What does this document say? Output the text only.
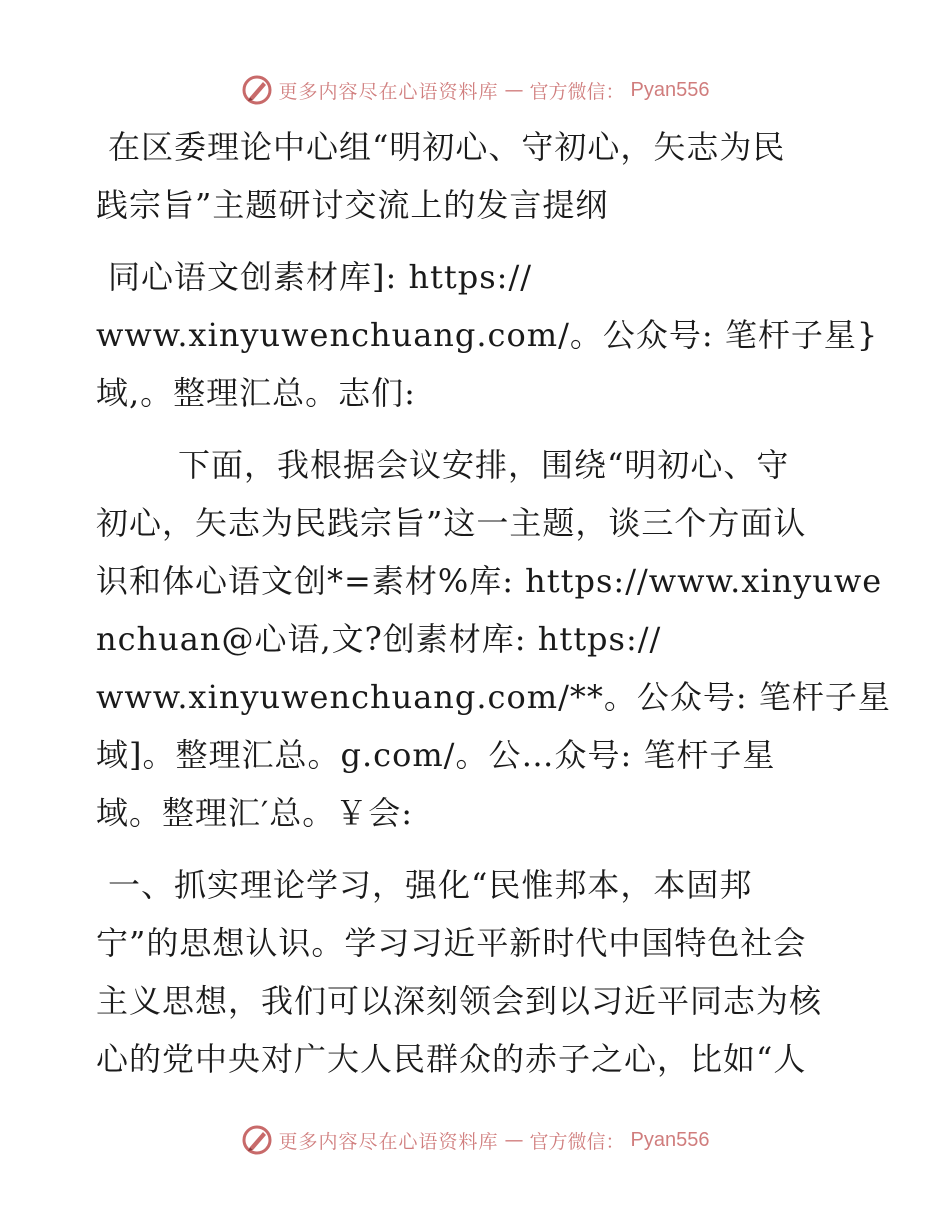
更多内容尽在心语资料库 — 官方微信： Pyan556
在区委理论中心组“明初心、守初心，矢志为民
践宗旨”主题研讨交流上的发言提纲
同心语文创素材库]: https://
www.xinyuwenchuang.com/。公众号: 笔杆子星}
域,。整理汇总。志们:
下面，我根据会议安排，围绕“明初心、守
初心，矢志为民践宗旨”这一主题，谈三个方面认
识和体心语文创*=素材%库: https://www.xinyuwe
nchuan@心语,文?创素材库: https://
www.xinyuwenchuang.com/**。公众号: 笔杆子星
域]。整理汇总。g.com/。公…众号: 笔杆子星
域。整理汇′总。￥会:
一、抓实理论学习，强化“民惟邦本，本固邦
宁”的思想认识。学习习近平新时代中国特色社会
主义思想，我们可以深刻领会到以习近平同志为核
心的党中央对广大人民群众的赤子之心，比如“人
更多内容尽在心语资料库 — 官方微信： Pyan556
